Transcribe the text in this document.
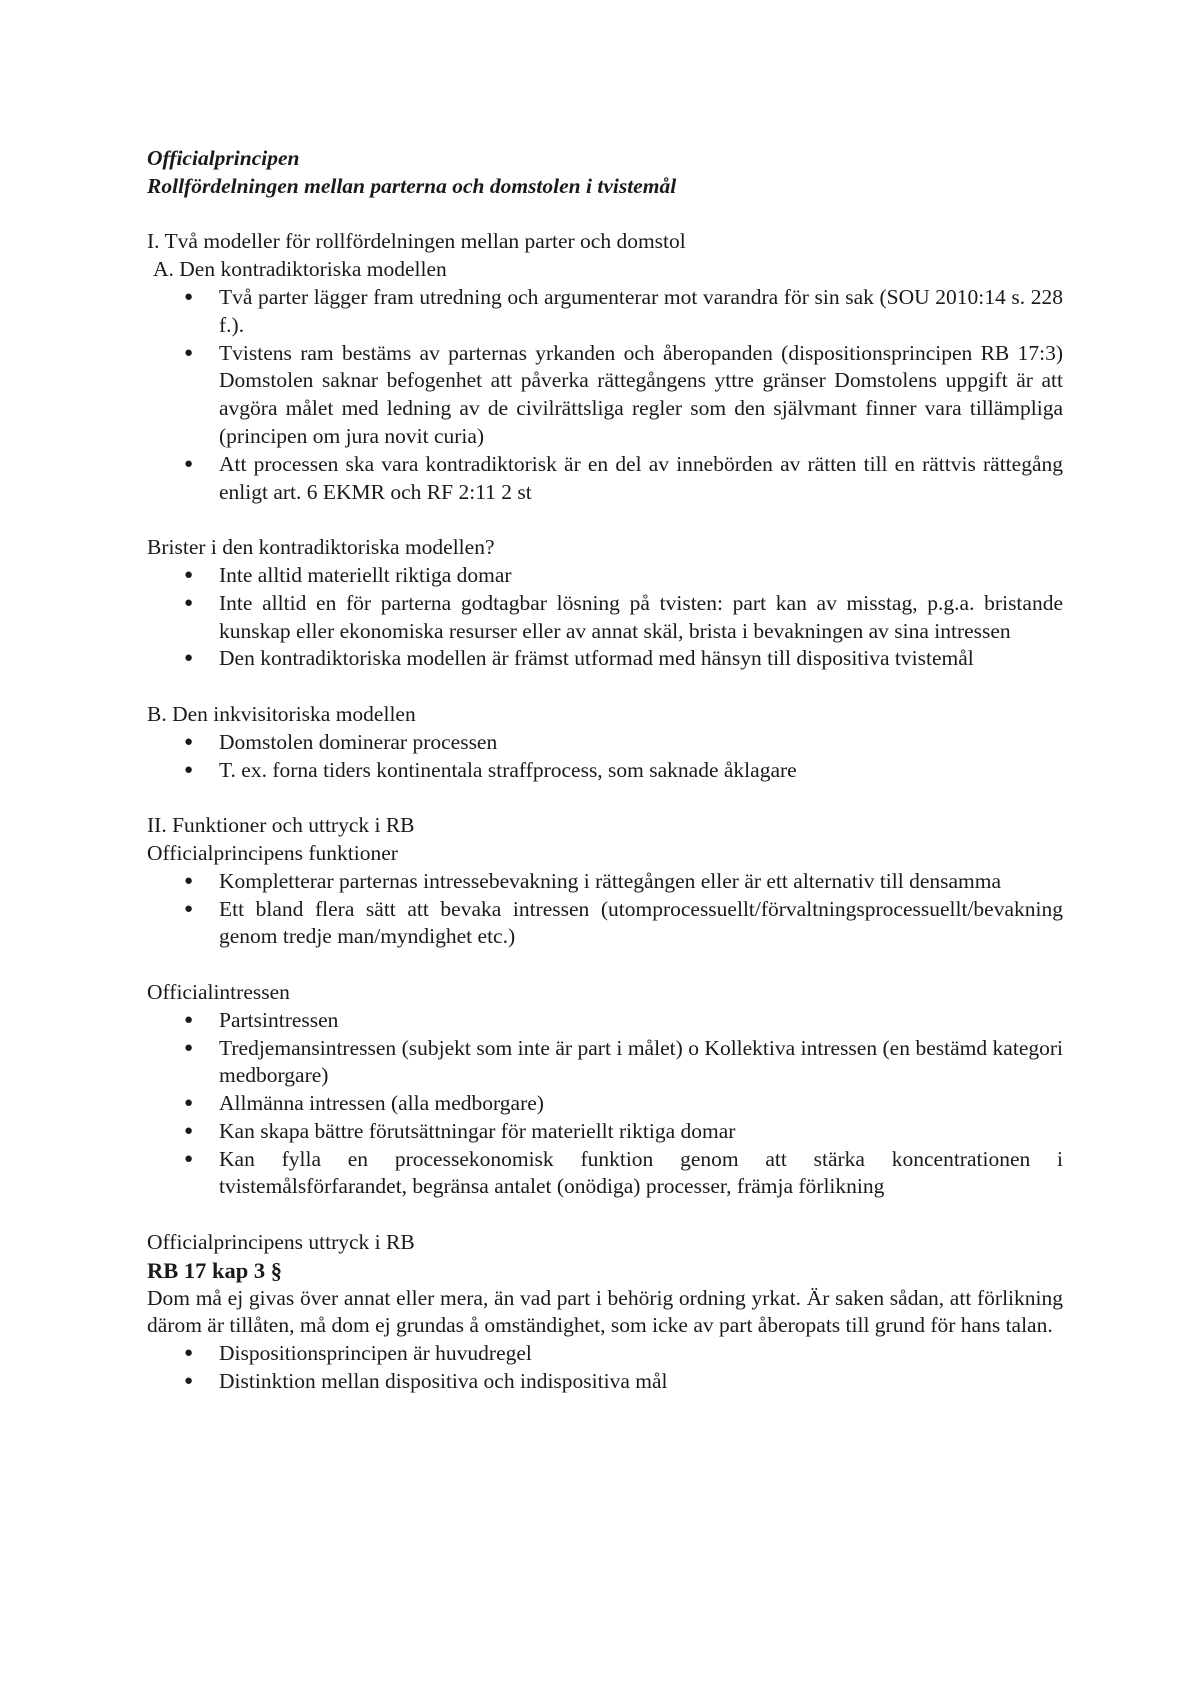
Officialprincipen

Rollfördelningen mellan parterna och domstolen i tvistemål

I. Två modeller för rollfördelningen mellan parter och domstol

A. Den kontradiktoriska modellen

● Två parter lägger fram utredning och argumenterar mot varandra för sin sak (SOU 2010:14 s. 228 f.).
● Tvistens ram bestäms av parternas yrkanden och åberopanden (dispositionsprincipen RB 17:3) Domstolen saknar befogenhet att påverka rättegångens yttre gränser Domstolens uppgift är att avgöra målet med ledning av de civilrättsliga regler som den självmant finner vara tillämpliga (principen om jura novit curia)
● Att processen ska vara kontradiktorisk är en del av innebörden av rätten till en rättvis rättegång enligt art. 6 EKMR och RF 2:11 2 st

Brister i den kontradiktoriska modellen?

● Inte alltid materiellt riktiga domar
● Inte alltid en för parterna godtagbar lösning på tvisten: part kan av misstag, p.g.a. bristande kunskap eller ekonomiska resurser eller av annat skäl, brista i bevakningen av sina intressen
● Den kontradiktoriska modellen är främst utformad med hänsyn till dispositiva tvistemål

B. Den inkvisitoriska modellen

● Domstolen dominerar processen
● T. ex. forna tiders kontinentala straffprocess, som saknade åklagare

II. Funktioner och uttryck i RB

Officialprincipens funktioner

● Kompletterar parternas intressebevakning i rättegången eller är ett alternativ till densamma
● Ett bland flera sätt att bevaka intressen (utomprocessuellt/förvaltningsprocessuellt/bevakning genom tredje man/myndighet etc.)

Officialintressen

● Partsintressen
● Tredjemansintressen (subjekt som inte är part i målet) o Kollektiva intressen (en bestämd kategori medborgare)
● Allmänna intressen (alla medborgare)
● Kan skapa bättre förutsättningar för materiellt riktiga domar
● Kan fylla en processekonomisk funktion genom att stärka koncentrationen i tvistemålsförfarandet, begränsa antalet (onödiga) processer, främja förlikning

Officialprincipens uttryck i RB

RB 17 kap 3 §

Dom må ej givas över annat eller mera, än vad part i behörig ordning yrkat. Är saken sådan, att förlikning därom är tillåten, må dom ej grundas å omständighet, som icke av part åberopats till grund för hans talan.

● Dispositionsprincipen är huvudregel
● Distinktion mellan dispositiva och indispositiva mål
